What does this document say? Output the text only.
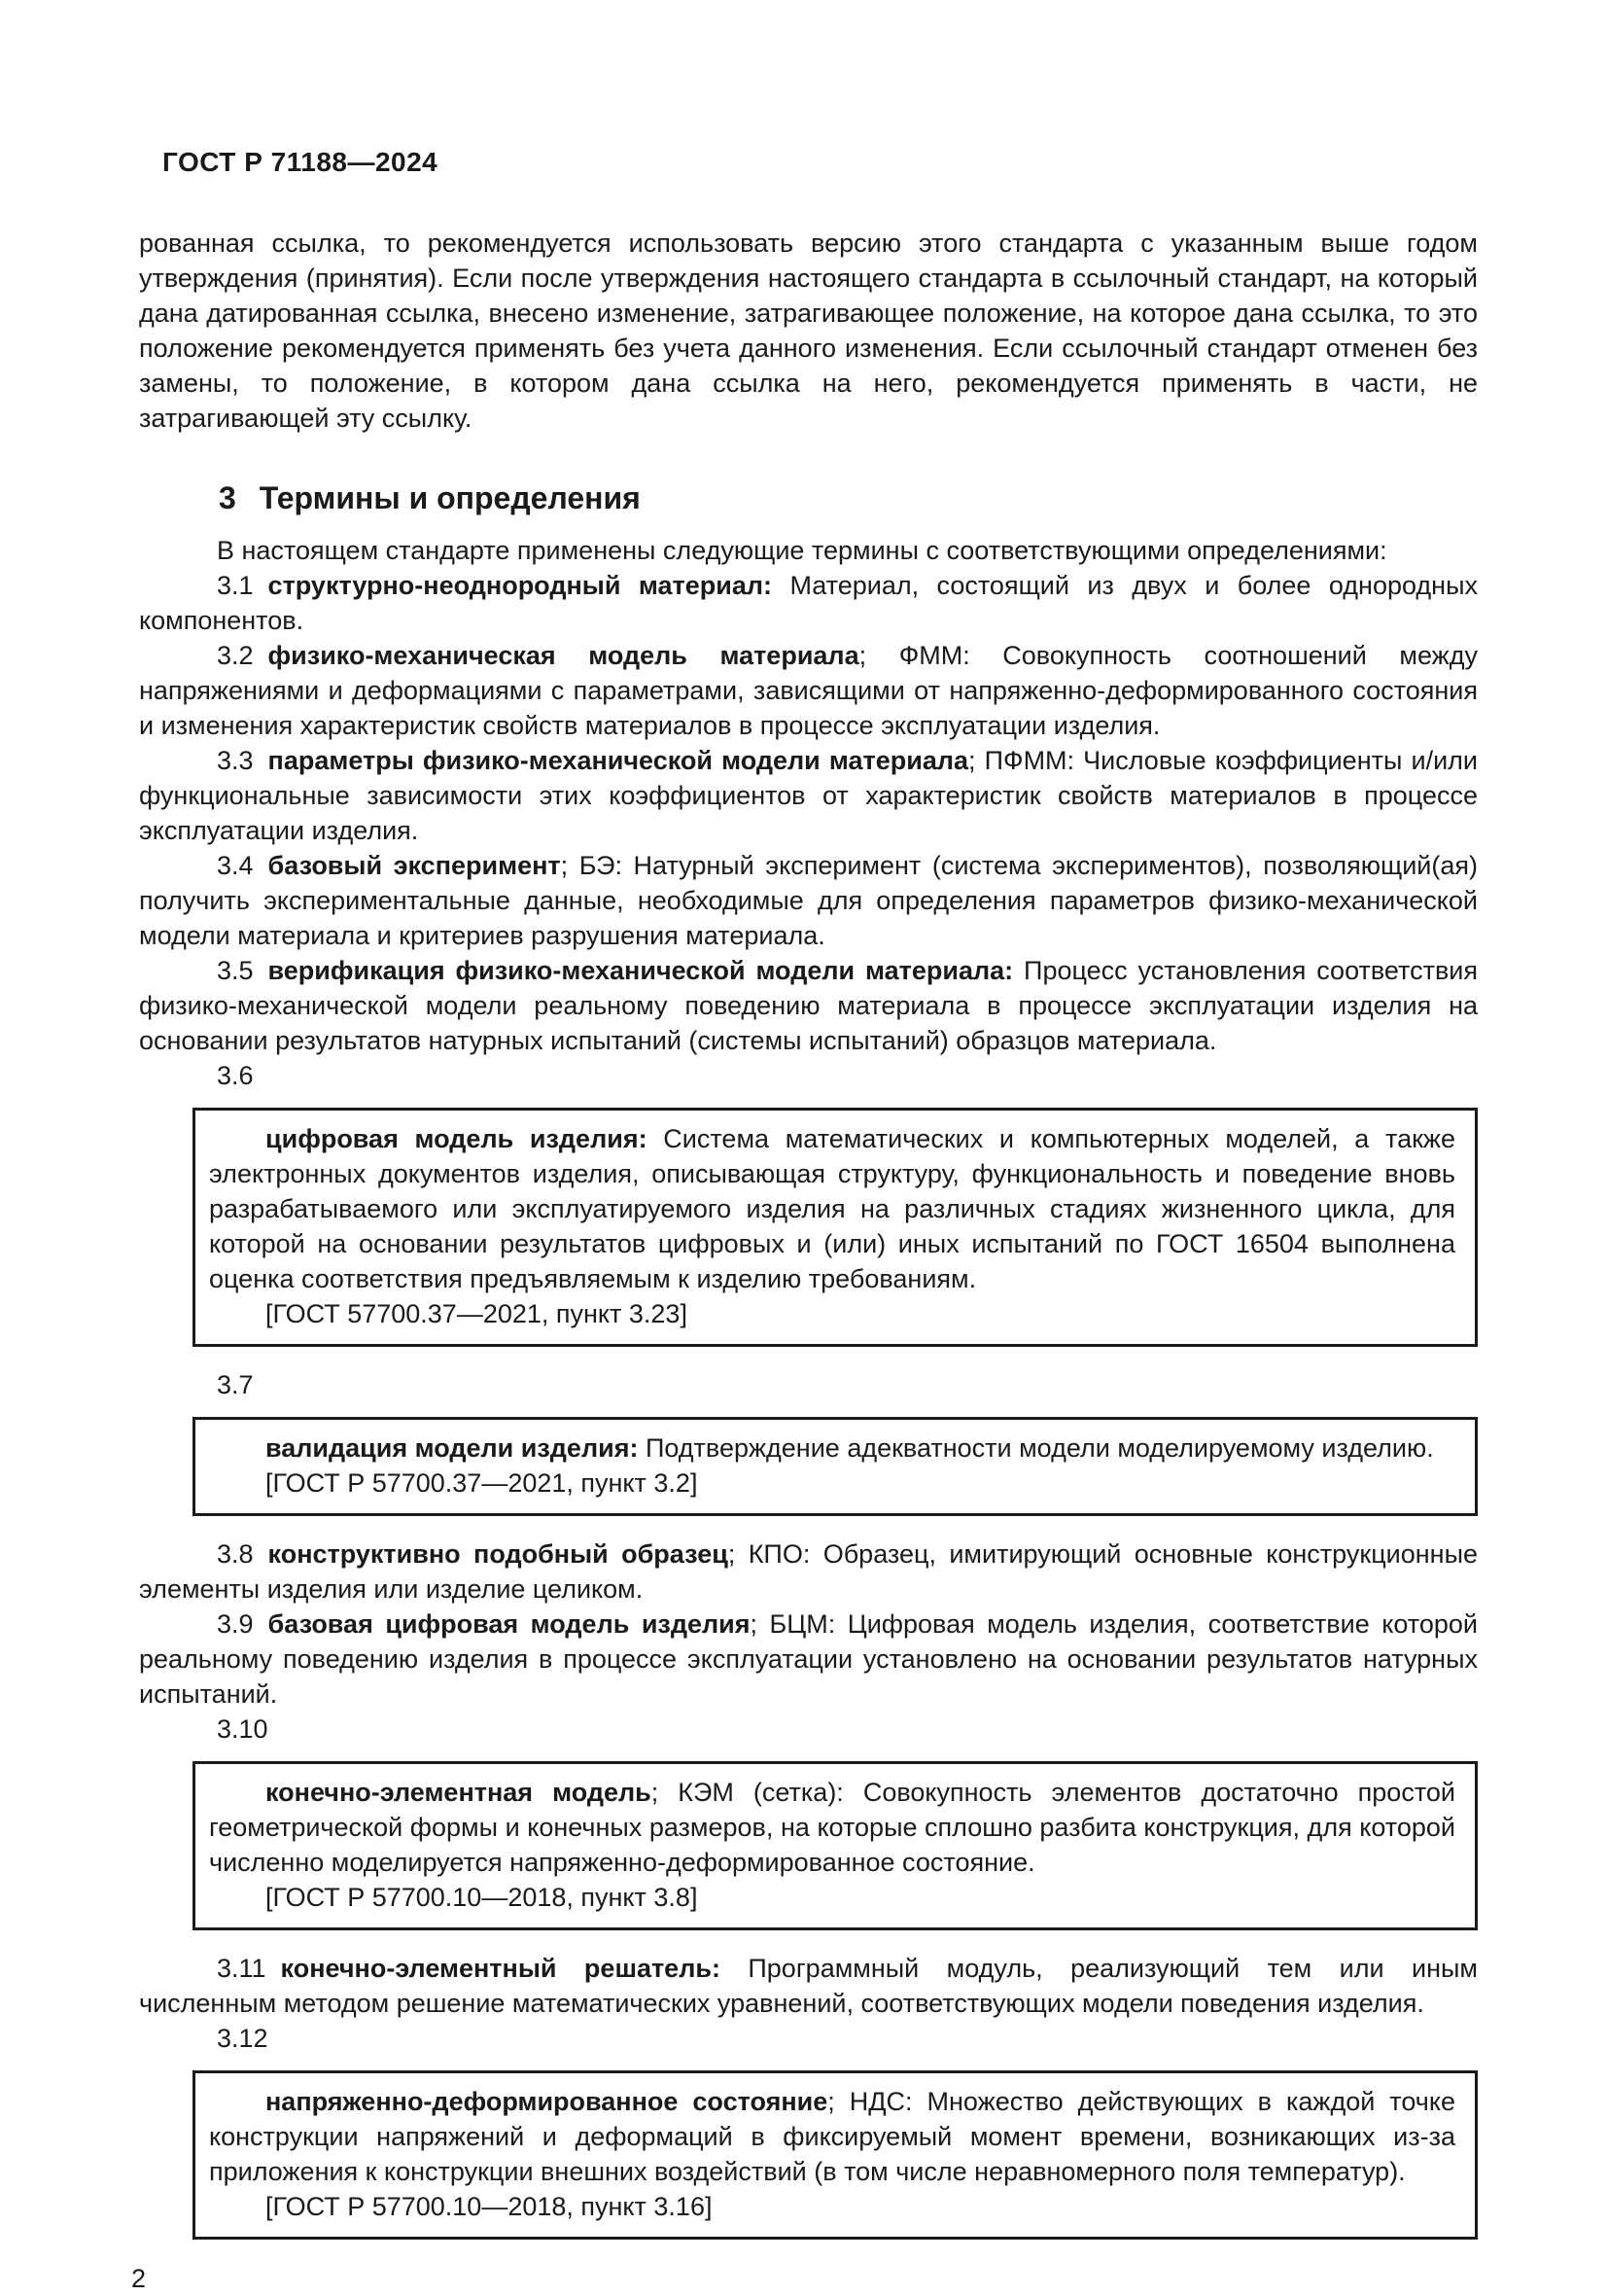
ГОСТ Р 71188—2024

рованная ссылка, то рекомендуется использовать версию этого стандарта с указанным выше годом утверждения (принятия). Если после утверждения настоящего стандарта в ссылочный стандарт, на который дана датированная ссылка, внесено изменение, затрагивающее положение, на которое дана ссылка, то это положение рекомендуется применять без учета данного изменения. Если ссылочный стандарт отменен без замены, то положение, в котором дана ссылка на него, рекомендуется применять в части, не затрагивающей эту ссылку.

3 Термины и определения

В настоящем стандарте применены следующие термины с соответствующими определениями:

3.1 структурно-неоднородный материал: Материал, состоящий из двух и более однородных компонентов.

3.2 физико-механическая модель материала; ФММ: Совокупность соотношений между напряжениями и деформациями с параметрами, зависящими от напряженно-деформированного состояния и изменения характеристик свойств материалов в процессе эксплуатации изделия.

3.3 параметры физико-механической модели материала; ПФММ: Числовые коэффициенты и/или функциональные зависимости этих коэффициентов от характеристик свойств материалов в процессе эксплуатации изделия.

3.4 базовый эксперимент; БЭ: Натурный эксперимент (система экспериментов), позволяющий(ая) получить экспериментальные данные, необходимые для определения параметров физико-механической модели материала и критериев разрушения материала.

3.5 верификация физико-механической модели материала: Процесс установления соответствия физико-механической модели реальному поведению материала в процессе эксплуатации изделия на основании результатов натурных испытаний (системы испытаний) образцов материала.

3.6

цифровая модель изделия: Система математических и компьютерных моделей, а также электронных документов изделия, описывающая структуру, функциональность и поведение вновь разрабатываемого или эксплуатируемого изделия на различных стадиях жизненного цикла, для которой на основании результатов цифровых и (или) иных испытаний по ГОСТ 16504 выполнена оценка соответствия предъявляемым к изделию требованиям.

[ГОСТ 57700.37—2021, пункт 3.23]

3.7

валидация модели изделия: Подтверждение адекватности модели моделируемому изделию.

[ГОСТ Р 57700.37—2021, пункт 3.2]

3.8 конструктивно подобный образец; КПО: Образец, имитирующий основные конструкционные элементы изделия или изделие целиком.

3.9 базовая цифровая модель изделия; БЦМ: Цифровая модель изделия, соответствие которой реальному поведению изделия в процессе эксплуатации установлено на основании результатов натурных испытаний.

3.10

конечно-элементная модель; КЭМ (сетка): Совокупность элементов достаточно простой геометрической формы и конечных размеров, на которые сплошно разбита конструкция, для которой численно моделируется напряженно-деформированное состояние.

[ГОСТ Р 57700.10—2018, пункт 3.8]

3.11 конечно-элементный решатель: Программный модуль, реализующий тем или иным численным методом решение математических уравнений, соответствующих модели поведения изделия.

3.12

напряженно-деформированное состояние; НДС: Множество действующих в каждой точке конструкции напряжений и деформаций в фиксируемый момент времени, возникающих из-за приложения к конструкции внешних воздействий (в том числе неравномерного поля температур).

[ГОСТ Р 57700.10—2018, пункт 3.16]

2
